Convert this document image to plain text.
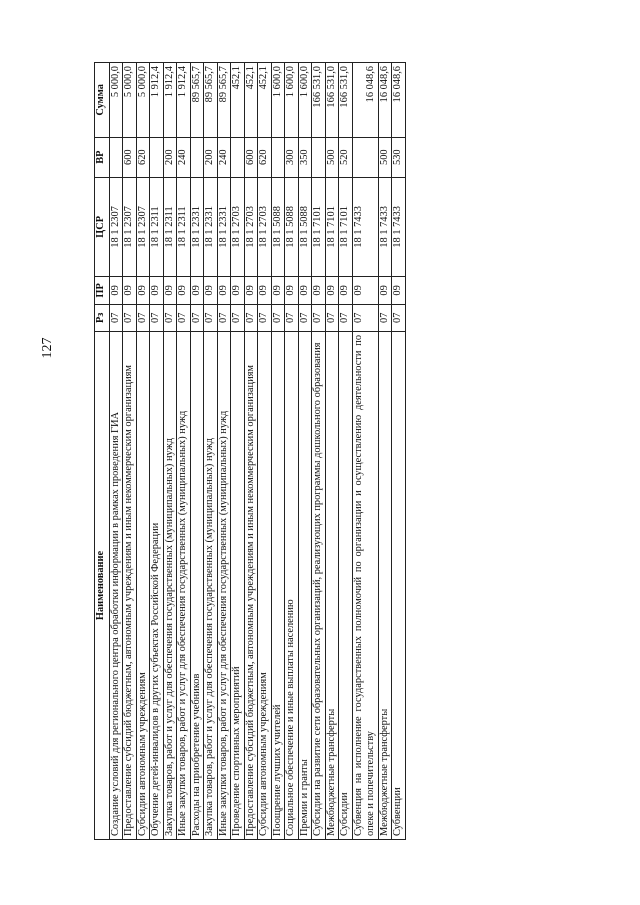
127
Наименование	Рз	ПР	ЦСР	ВР	Сумма
Создание условий для регионального центра обработки информации в рамках проведения ГИА	07	09	18 1 2307		5 000,0
Предоставление субсидий бюджетным, автономным учреждениям и иным некоммерческим организациям	07	09	18 1 2307	600	5 000,0
Субсидии автономным учреждениям	07	09	18 1 2307	620	5 000,0
Обучение детей-инвалидов в других субъектах Российской Федерации	07	09	18 1 2311		1 912,4
Закупка товаров, работ и услуг для обеспечения государственных (муниципальных) нужд	07	09	18 1 2311	200	1 912,4
Иные закупки товаров, работ и услуг для обеспечения государственных (муниципальных) нужд	07	09	18 1 2311	240	1 912,4
Расходы на приобретение учебников	07	09	18 1 2331		89 565,7
Закупка товаров, работ и услуг для обеспечения государственных (муниципальных) нужд	07	09	18 1 2331	200	89 565,7
Иные закупки товаров, работ и услуг для обеспечения государственных (муниципальных) нужд	07	09	18 1 2331	240	89 565,7
Проведение спортивных мероприятий	07	09	18 1 2703		452,1
Предоставление субсидий бюджетным, автономным учреждениям и иным некоммерческим организациям	07	09	18 1 2703	600	452,1
Субсидии автономным учреждениям	07	09	18 1 2703	620	452,1
Поощрение лучших учителей	07	09	18 1 5088		1 600,0
Социальное обеспечение и иные выплаты населению	07	09	18 1 5088	300	1 600,0
Премии и гранты	07	09	18 1 5088	350	1 600,0
Субсидии на развитие сети образовательных организаций, реализующих программы дошкольного образования	07	09	18 1 7101		166 531,0
Межбюджетные трансферты	07	09	18 1 7101	500	166 531,0
Субсидии	07	09	18 1 7101	520	166 531,0
Субвенция на исполнение государственных полномочий по организации и осуществлению деятельности по опеке и попечительству	07	09	18 1 7433		16 048,6
Межбюджетные трансферты	07	09	18 1 7433	500	16 048,6
Субвенции	07	09	18 1 7433	530	16 048,6
